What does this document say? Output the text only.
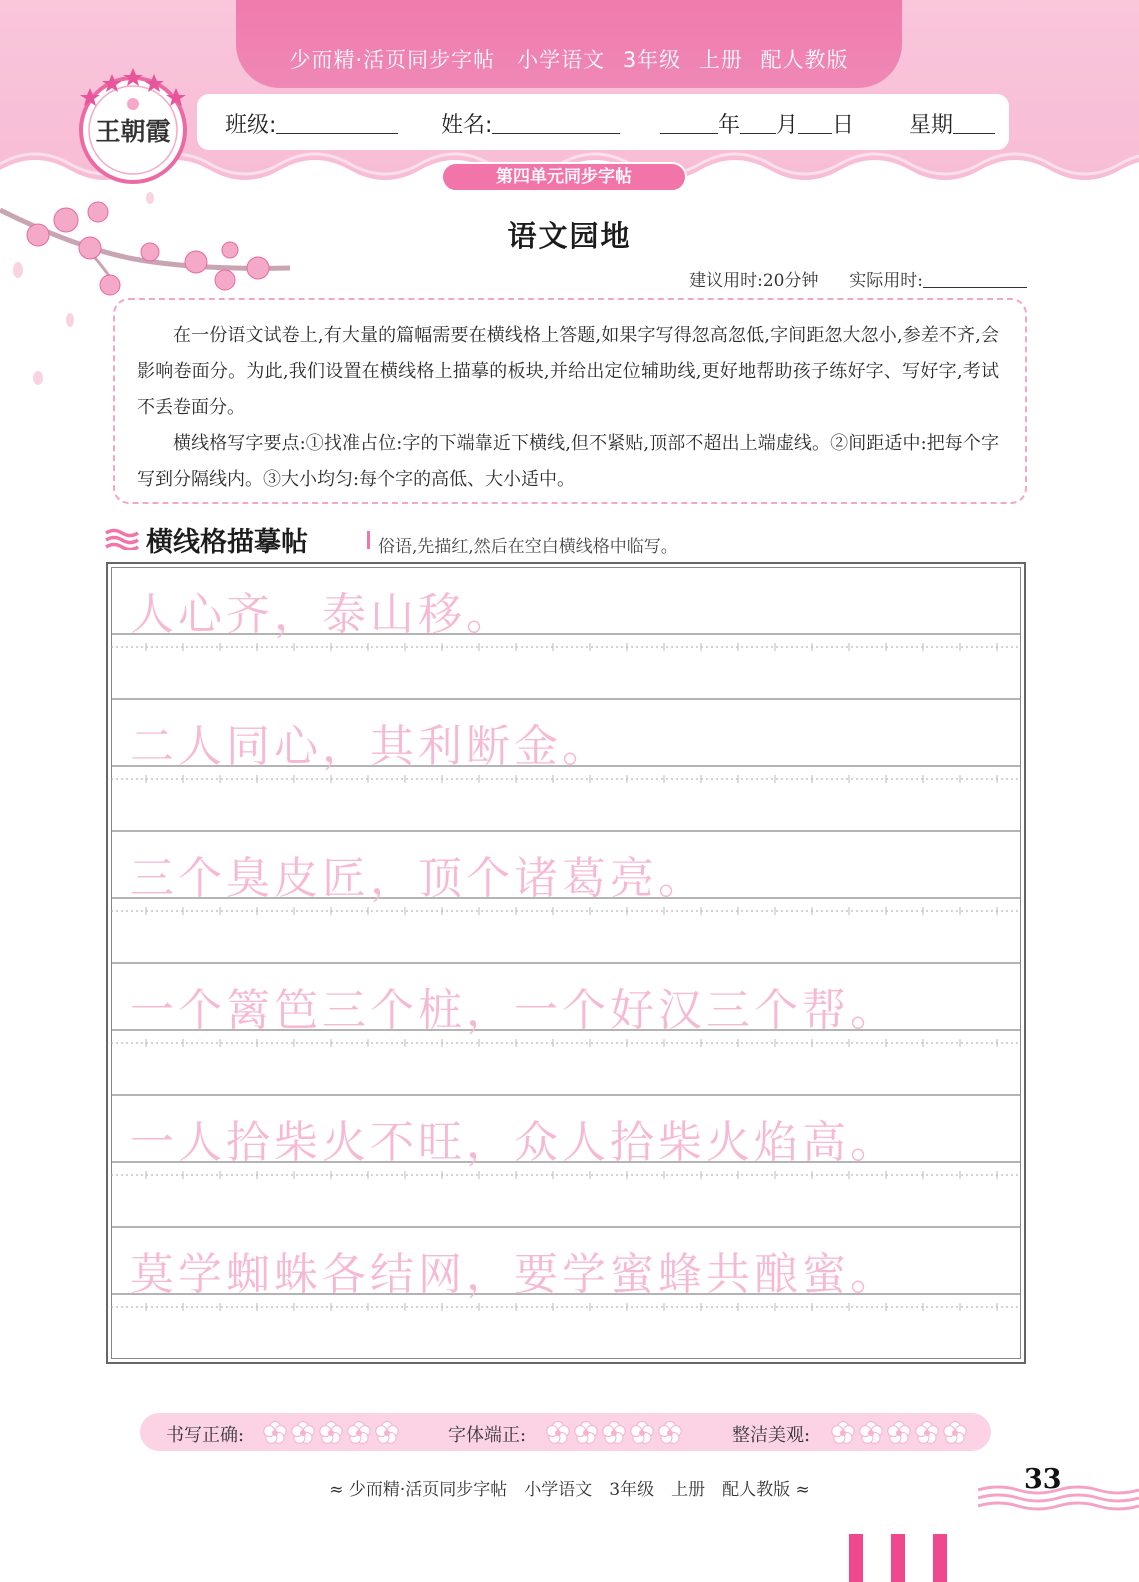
少而精·活页同步字帖　小学语文 3年级 上册 配人教版
王朝霞 班级:	姓名:	年 月 日 星期
第四单元同步字帖
语文园地
建议用时:20分钟 实际用时:

在一份语文试卷上,有大量的篇幅需要在横线格上答题,如果字写得忽高忽低,字间距忽大忽小,参差不齐,会影响卷面分。为此,我们设置在横线格上描摹的板块,并给出定位辅助线,更好地帮助孩子练好字、写好字,考试不丢卷面分。

横线格写字要点:①找准占位:字的下端靠近下横线,但不紧贴,顶部不超出上端虚线。②间距适中:把每个字写到分隔线内。③大小均匀:每个字的高低、大小适中。

横线格描摹帖	俗语,先描红,然后在空白横线格中临写。
人心齐，泰山移。
二人同心，其利断金。
三个臭皮匠，顶个诸葛亮。
一个篱笆三个桩，一个好汉三个帮。
一人拾柴火不旺，众人拾柴火焰高。
莫学蜘蛛各结网，要学蜜蜂共酿蜜。
书写正确:	字体端正:	整洁美观:
≈ 少而精·活页同步字帖　小学语文　3年级　上册　配人教版 ≈	33
